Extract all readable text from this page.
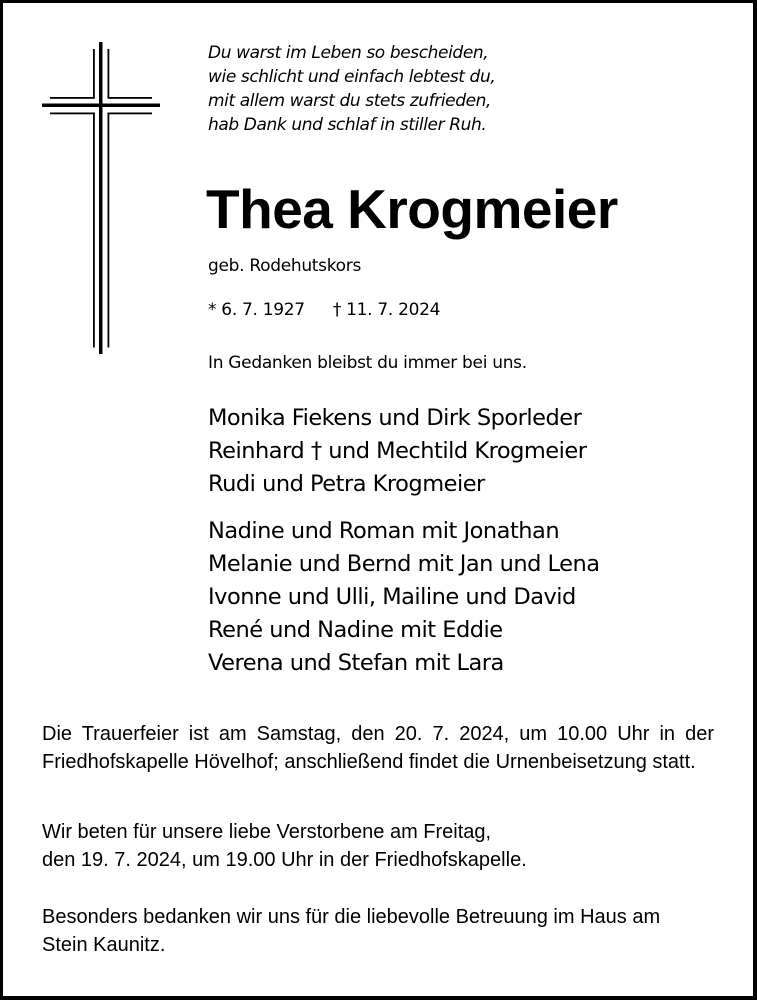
Du warst im Leben so bescheiden,
wie schlicht und einfach lebtest du,
mit allem warst du stets zufrieden,
hab Dank und schlaf in stiller Ruh.
Thea Krogmeier
geb. Rodehutskors
* 6. 7. 1927 † 11. 7. 2024
In Gedanken bleibst du immer bei uns.
Monika Fiekens und Dirk Sporleder
Reinhard † und Mechtild Krogmeier
Rudi und Petra Krogmeier
Nadine und Roman mit Jonathan
Melanie und Bernd mit Jan und Lena
Ivonne und Ulli, Mailine und David
René und Nadine mit Eddie
Verena und Stefan mit Lara
Die Trauerfeier ist am Samstag, den 20. 7. 2024, um 10.00 Uhr in der Friedhofskapelle Hövelhof; anschließend findet die Urnenbeisetzung statt.
Wir beten für unsere liebe Verstorbene am Freitag,
den 19. 7. 2024, um 19.00 Uhr in der Friedhofskapelle.
Besonders bedanken wir uns für die liebevolle Betreuung im Haus am Stein Kaunitz.
